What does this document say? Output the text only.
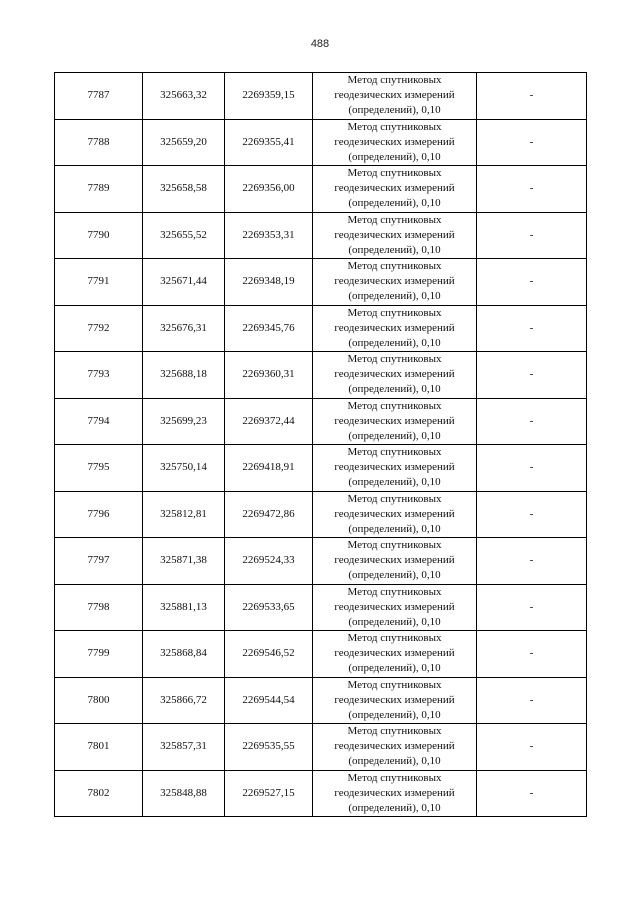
488
7787	325663,32	2269359,15	Метод спутниковых
геодезических измерений
(определений), 0,10	-
7788	325659,20	2269355,41	Метод спутниковых
геодезических измерений
(определений), 0,10	-
7789	325658,58	2269356,00	Метод спутниковых
геодезических измерений
(определений), 0,10	-
7790	325655,52	2269353,31	Метод спутниковых
геодезических измерений
(определений), 0,10	-
7791	325671,44	2269348,19	Метод спутниковых
геодезических измерений
(определений), 0,10	-
7792	325676,31	2269345,76	Метод спутниковых
геодезических измерений
(определений), 0,10	-
7793	325688,18	2269360,31	Метод спутниковых
геодезических измерений
(определений), 0,10	-
7794	325699,23	2269372,44	Метод спутниковых
геодезических измерений
(определений), 0,10	-
7795	325750,14	2269418,91	Метод спутниковых
геодезических измерений
(определений), 0,10	-
7796	325812,81	2269472,86	Метод спутниковых
геодезических измерений
(определений), 0,10	-
7797	325871,38	2269524,33	Метод спутниковых
геодезических измерений
(определений), 0,10	-
7798	325881,13	2269533,65	Метод спутниковых
геодезических измерений
(определений), 0,10	-
7799	325868,84	2269546,52	Метод спутниковых
геодезических измерений
(определений), 0,10	-
7800	325866,72	2269544,54	Метод спутниковых
геодезических измерений
(определений), 0,10	-
7801	325857,31	2269535,55	Метод спутниковых
геодезических измерений
(определений), 0,10	-
7802	325848,88	2269527,15	Метод спутниковых
геодезических измерений
(определений), 0,10	-
